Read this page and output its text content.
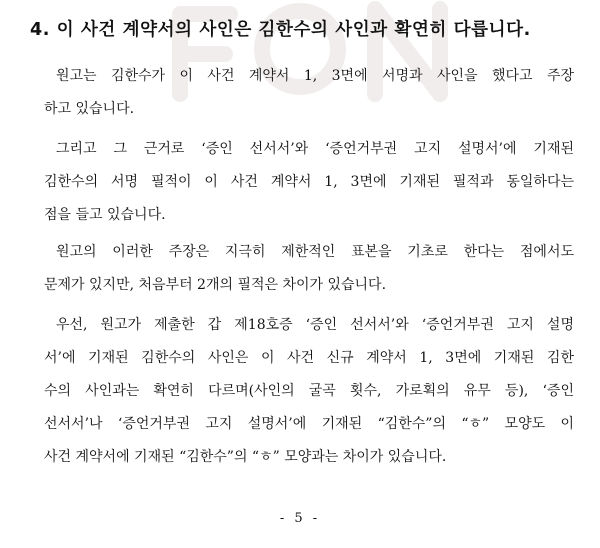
4. 이 사건 계약서의 사인은 김한수의 사인과 확연히 다릅니다.

원고는 김한수가 이 사건 계약서 1, 3면에 서명과 사인을 했다고 주장
하고 있습니다.

그리고 그 근거로 ‘증인 선서서’와 ‘증언거부권 고지 설명서’에 기재된
김한수의 서명 필적이 이 사건 계약서 1, 3면에 기재된 필적과 동일하다는
점을 들고 있습니다.

원고의 이러한 주장은 지극히 제한적인 표본을 기초로 한다는 점에서도
문제가 있지만, 처음부터 2개의 필적은 차이가 있습니다.

우선, 원고가 제출한 갑 제18호증 ‘증인 선서서’와 ‘증언거부권 고지 설명
서’에 기재된 김한수의 사인은 이 사건 신규 계약서 1, 3면에 기재된 김한
수의 사인과는 확연히 다르며(사인의 굴곡 횟수, 가로획의 유무 등), ‘증인
선서서’나 ‘증언거부권 고지 설명서’에 기재된 “김한수”의 “ㅎ” 모양도 이
사건 계약서에 기재된 “김한수”의 “ㅎ” 모양과는 차이가 있습니다.

- 5 -
